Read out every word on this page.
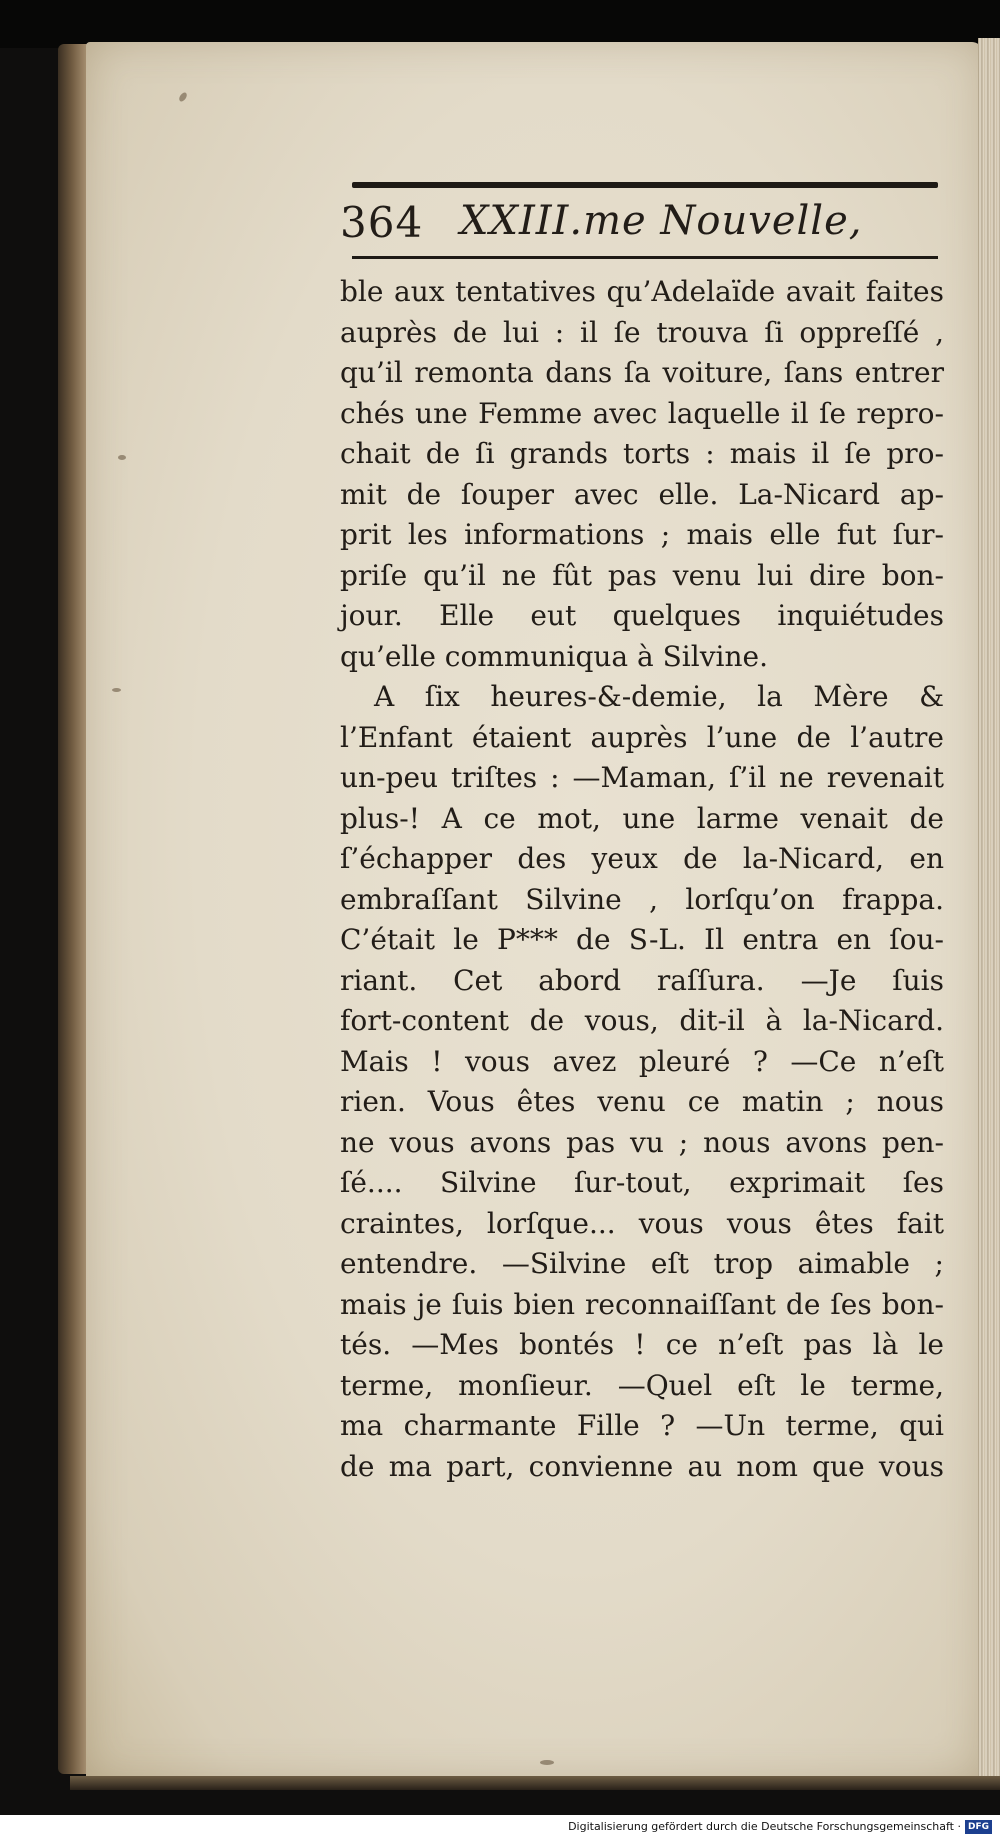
364 XXIII.me Nouvelle,
ble aux tentatives qu’Adelaïde avait faites
auprès de lui : il ſe trouva ſi oppreſſé ,
qu’il remonta dans ſa voiture, ſans entrer
chés une Femme avec laquelle il ſe repro-
chait de ſi grands torts : mais il ſe pro-
mit de ſouper avec elle. La-Nicard ap-
prit les informations ; mais elle fut ſur-
priſe qu’il ne fût pas venu lui dire bon-
jour. Elle eut quelques inquiétudes
qu’elle communiqua à Silvine.
A ſix heures-&-demie, la Mère &
l’Enfant étaient auprès l’une de l’autre
un-peu triſtes : —Maman, ſ’il ne revenait
plus-! A ce mot, une larme venait de
ſ’échapper des yeux de la-Nicard, en
embraſſant Silvine , lorſqu’on frappa.
C’était le P*** de S-L. Il entra en ſou-
riant. Cet abord raſſura. —Je ſuis
fort-content de vous, dit-il à la-Nicard.
Mais ! vous avez pleuré ? —Ce n’eſt
rien. Vous êtes venu ce matin ; nous
ne vous avons pas vu ; nous avons pen-
ſé.... Silvine ſur-tout, exprimait ſes
craintes, lorſque... vous vous êtes fait
entendre. —Silvine eſt trop aimable ;
mais je ſuis bien reconnaiſſant de ſes bon-
tés. —Mes bontés ! ce n’eſt pas là le
terme, monſieur. —Quel eſt le terme,
ma charmante Fille ? —Un terme, qui
de ma part, convienne au nom que vous
Digitalisierung gefördert durch die Deutsche Forschungsgemeinschaft · DFG
